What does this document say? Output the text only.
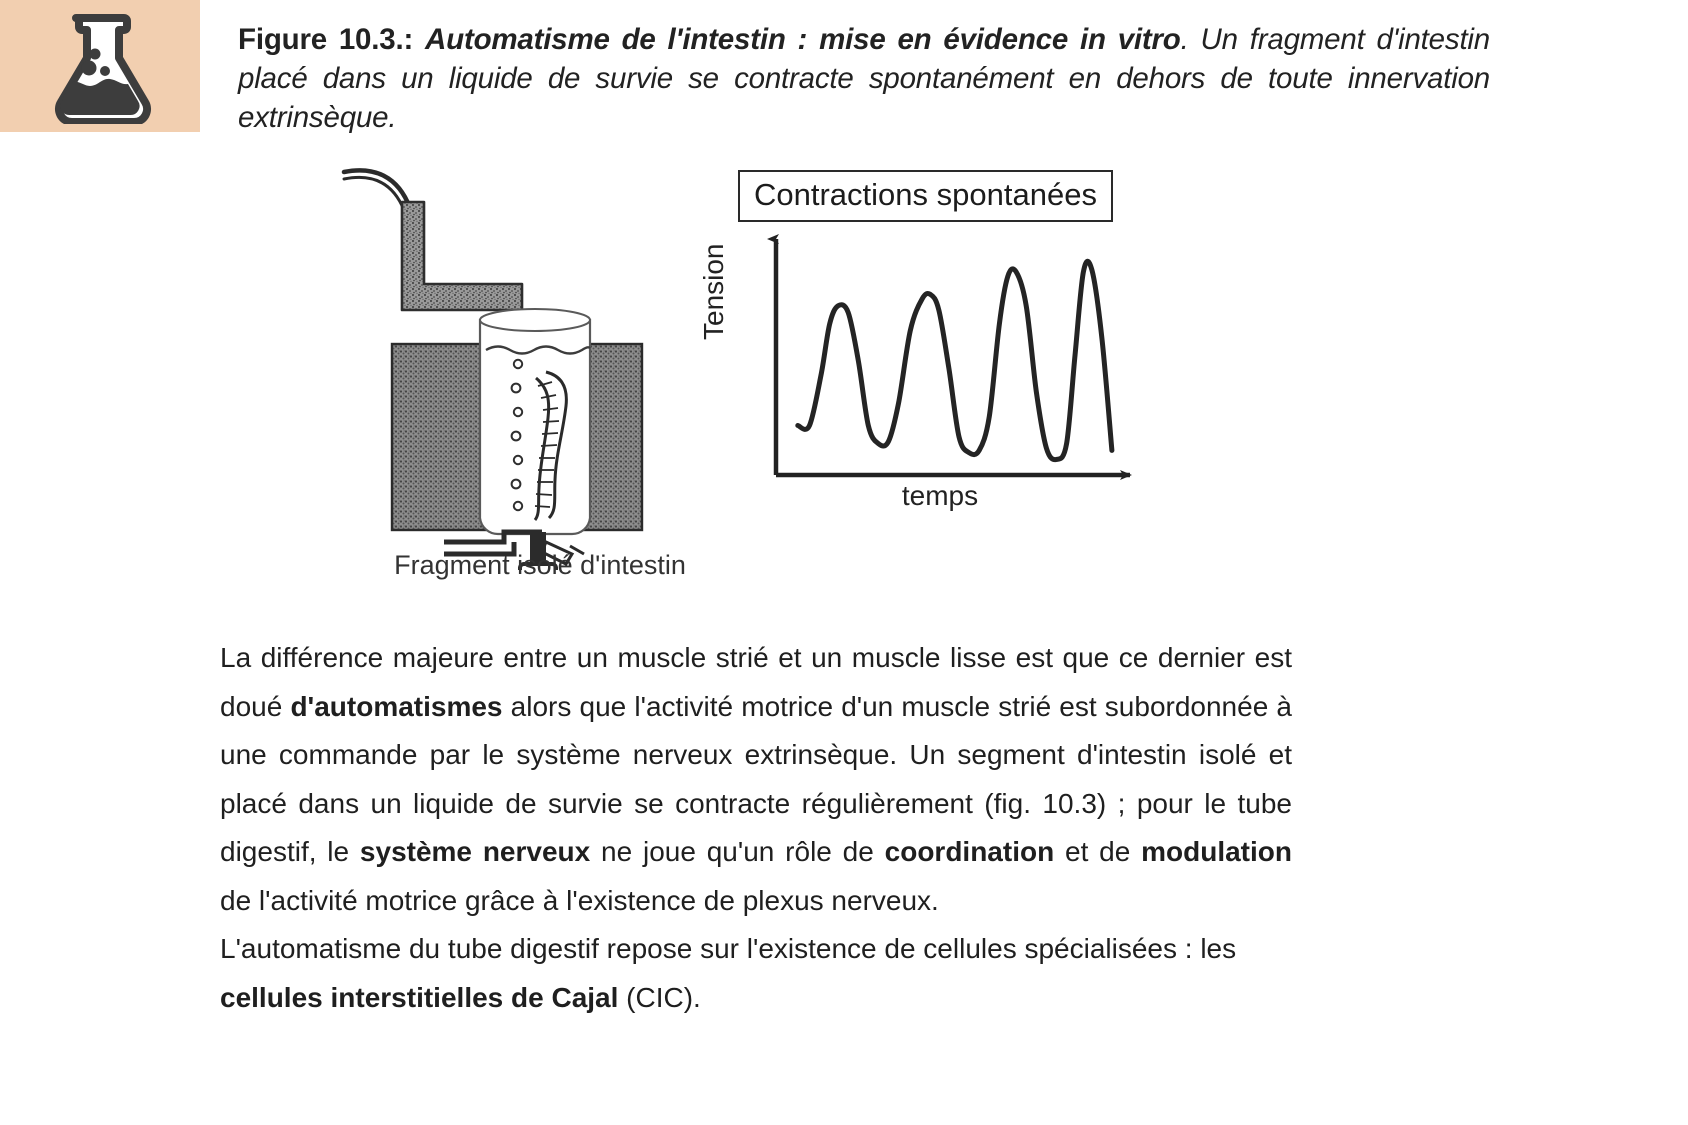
Figure 10.3.: Automatisme de l'intestin : mise en évidence in vitro. Un fragment d'intestin placé dans un liquide de survie se contracte spontanément en dehors de toute innervation extrinsèque.
Fragment isolé d'intestin
Contractions spontanées
Tension
temps

La différence majeure entre un muscle strié et un muscle lisse est que ce dernier est doué d'automatismes alors que l'activité motrice d'un muscle strié est subordonnée à une commande par le système nerveux extrinsèque. Un segment d'intestin isolé et placé dans un liquide de survie se contracte régulièrement (fig. 10.3) ; pour le tube digestif, le système nerveux ne joue qu'un rôle de coordination et de modulation de l'activité motrice grâce à l'existence de plexus nerveux.

L'automatisme du tube digestif repose sur l'existence de cellules spécialisées : les cellules interstitielles de Cajal (CIC).
